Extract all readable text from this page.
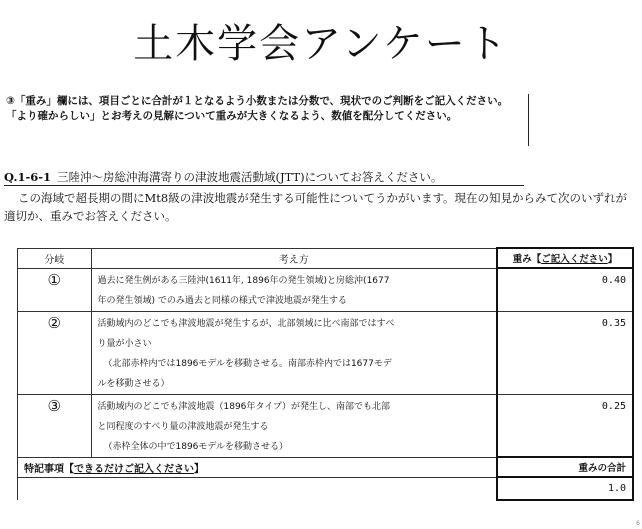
土木学会アンケート
③「重み」欄には、項目ごとに合計が１となるよう小数または分数で、現状でのご判断をご記入ください。「より確からしい」とお考えの見解について重みが大きくなるよう、数値を配分してください。
Q.1-6-1 三陸沖〜房総沖海溝寄りの津波地震活動域(JTT)についてお答えください。
この海域で超長期の間にMt8級の津波地震が発生する可能性についてうかがいます。現在の知見からみて次のいずれが適切か、重みでお答えください。
分岐	考え方	重み【ご記入ください】
①	過去に発生例がある三陸沖(1611年, 1896年の発生領域)と房総沖(1677
年の発生領域) でのみ過去と同様の様式で津波地震が発生する	0.40
②	活動域内のどこでも津波地震が発生するが、北部領域に比べ南部ではすべ
り量が小さい
（北部赤枠内では1896モデルを移動させる。南部赤枠内では1677モデ
ルを移動させる）	0.35
③	活動域内のどこでも津波地震（1896年タイプ）が発生し、南部でも北部
と同程度のすべり量の津波地震が発生する
（赤枠全体の中で1896モデルを移動させる）	0.25
特記事項【できるだけご記入ください】		重みの合計
		1.0
6
